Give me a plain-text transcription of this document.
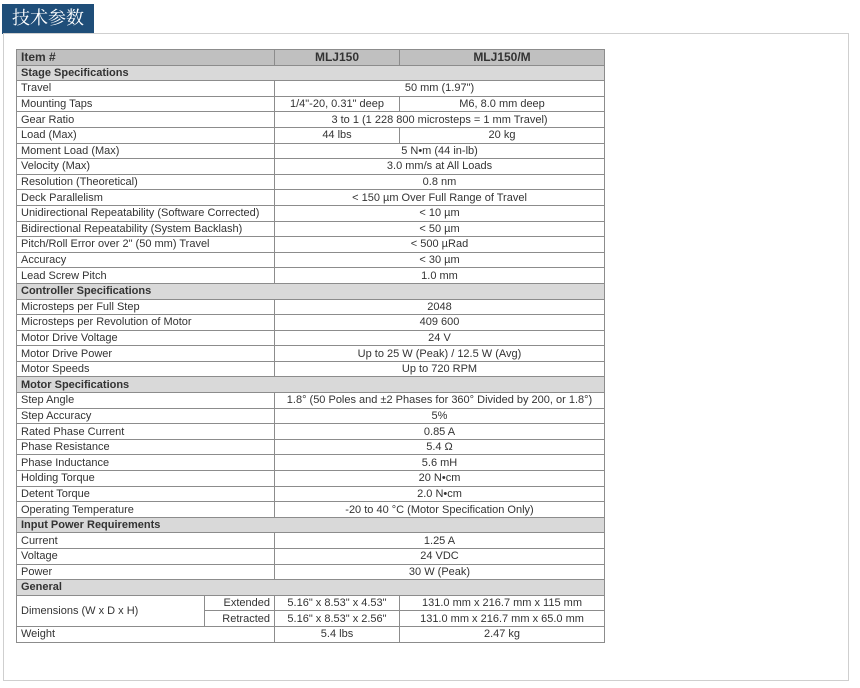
技术参数
Item #		MLJ150	MLJ150/M
Stage Specifications			
Travel		50 mm (1.97")	
Mounting Taps		1/4"-20, 0.31" deep	M6, 8.0 mm deep
Gear Ratio		3 to 1 (1 228 800 microsteps = 1 mm Travel)	
Load (Max)		44 lbs	20 kg
Moment Load (Max)		5 N•m (44 in-lb)	
Velocity (Max)		3.0 mm/s at All Loads	
Resolution (Theoretical)		0.8 nm	
Deck Parallelism		< 150 µm Over Full Range of Travel	
Unidirectional Repeatability (Software Corrected)		< 10 µm	
Bidirectional Repeatability (System Backlash)		< 50 µm	
Pitch/Roll Error over 2" (50 mm) Travel		< 500 µRad	
Accuracy		< 30 µm	
Lead Screw Pitch		1.0 mm	
Controller Specifications			
Microsteps per Full Step		2048	
Microsteps per Revolution of Motor		409 600	
Motor Drive Voltage		24 V	
Motor Drive Power		Up to 25 W (Peak) / 12.5 W (Avg)	
Motor Speeds		Up to 720 RPM	
Motor Specifications			
Step Angle		1.8° (50 Poles and ±2 Phases for 360° Divided by 200, or 1.8°)	
Step Accuracy		5%	
Rated Phase Current		0.85 A	
Phase Resistance		5.4 Ω	
Phase Inductance		5.6 mH	
Holding Torque		20 N•cm	
Detent Torque		2.0 N•cm	
Operating Temperature		-20 to 40 °C (Motor Specification Only)	
Input Power Requirements			
Current		1.25 A	
Voltage		24 VDC	
Power		30 W (Peak)	
General			
Dimensions (W x D x H)	Extended	5.16" x 8.53" x 4.53"	131.0 mm x 216.7 mm x 115 mm
	Retracted	5.16" x 8.53" x 2.56"	131.0 mm x 216.7 mm x 65.0 mm
Weight		5.4 lbs	2.47 kg
